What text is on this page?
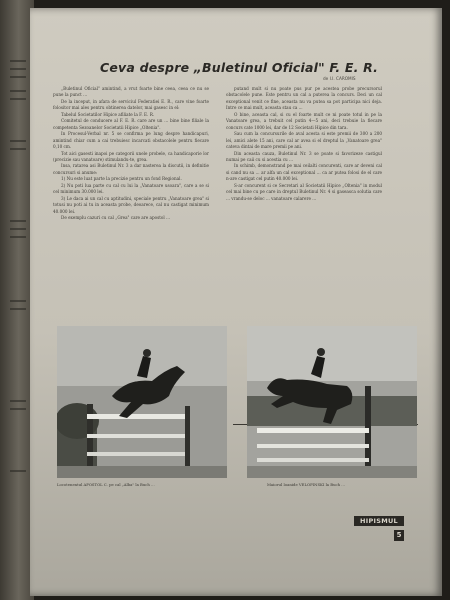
Ceva despre „Buletinul Oficial" F. E. R.
de I.I. CAROMIS

„Buletinul Oficial" amintind, a vrut foarte bine ceea, ceea ce nu se pune la punct ...

De la inceput, in afara de serviciul Federatiei E. R., care vine foarte folositor mai ales pentru obtinerea datelor, mai gasesc in el:

Tabelul Societatilor Hipice afiliate la F. E. R.

Comitetul de conducere al F. E. R. care are un ... bine bine filiale la competenta Sezoanelor Societatii Hipice „Oltenia".

In Procesul-Verbal nr. 5 se confirma pe lung despre handicapuri, amintind chiar cum a cai trebuiesc incarcati obstacolele pentru fiecare 0,10 cm.

Tot aici gasesti inapoi pe categorii unele probele, ca handicaporie lor (precizie sau vanatoare) stimulandu-te, grea.

Insa, ratarea asi Buletinul Nr. 3 a dar nasterea la discutii, in definitie concursuri si anume:

1) Nu este luat parte la precizie pentru un fond Regional.

2) Nu poti lua parte cu cal cu lui la „Vanatoare usoara", care a se si cel minimum 30.000 lei.

3) Le daca ai un cal cu aptitudini, speciale pentru „Vanatoare grea" si totusi nu poti ai tu in aceasta probe, deoarece, cal nu castigat minimum 40.000 lei.

De exemplu cazuri cu cal „Grea" care are apostol ...

putand mult si nu poate pus pur pe acestea probe precursorul obstacolele pune. Este pentru un cal a puterea la concurs. Deci un cal exceptional venit ce fine, aceasta nu va putea sa pot participa nici deja. Intre ce mai mult, aceasta stau ca ...

O bine, aceasta cal, si cu el foarte mult ce ni poate totul in pe la Vanatoare grea, a trebuit cel putin 4—5 ani, deci trebuie la fiecare concurs cate 1000 lei, dar de 12 Societati Hipice din tara.

Sau cum la concursurile de aval acesta si este premii de 300 a 200 lei, amici alete 15 ani, care cal ar avea si el dreptul la „Vanatoare grea" cateva dintai de mare premii pe ani.

Din aceasta cauza, Buletinul Nr. 3 se poate si favorizeze castigul numai pe caii cu si acestia cu ...

In schimb, demonstrand pe mai ceilalti concurenti, care ar deveni cal si cand nu sa ... ar alfa un cal exceptional ... ca ar putea folosi de el care n-are castigat cel putin 40.000 lei.

S-ar concurent si ce Secretari al Societatii Hipice „Oltenia" in modul cel mai bine cu pe care in dreptul Buletinul Nr. 4 si gaseasca solutia care ... vrandu-se deloc ... vanatoare calarere ...

Locotenentul APOSTOL C. pe cal „Alba" la Buch ...	Maiorul Ioanide VELOPINSKI la Buch ...
HIPISMUL
5
